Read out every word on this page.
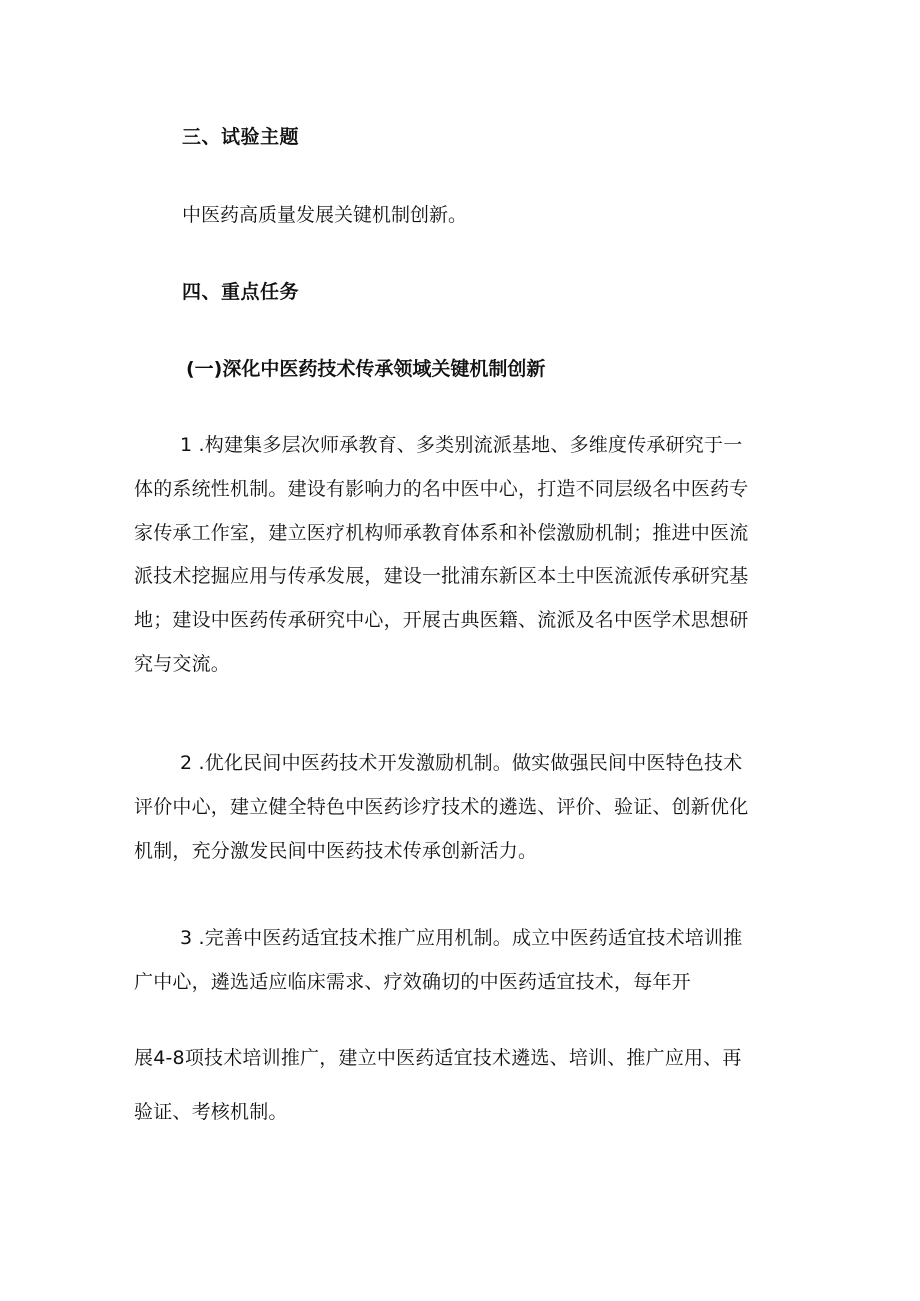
三、试验主题
中医药高质量发展关键机制创新。
四、重点任务
(一)深化中医药技术传承领域关键机制创新
1 .构建集多层次师承教育、多类别流派基地、多维度传承研究于一
体的系统性机制。建设有影响力的名中医中心，打造不同层级名中医药专
家传承工作室，建立医疗机构师承教育体系和补偿激励机制；推进中医流
派技术挖掘应用与传承发展，建设一批浦东新区本土中医流派传承研究基
地；建设中医药传承研究中心，开展古典医籍、流派及名中医学术思想研
究与交流。
2 .优化民间中医药技术开发激励机制。做实做强民间中医特色技术
评价中心，建立健全特色中医药诊疗技术的遴选、评价、验证、创新优化
机制，充分激发民间中医药技术传承创新活力。
3 .完善中医药适宜技术推广应用机制。成立中医药适宜技术培训推
广中心，遴选适应临床需求、疗效确切的中医药适宜技术，每年开
展4-8项技术培训推广，建立中医药适宜技术遴选、培训、推广应用、再
验证、考核机制。
